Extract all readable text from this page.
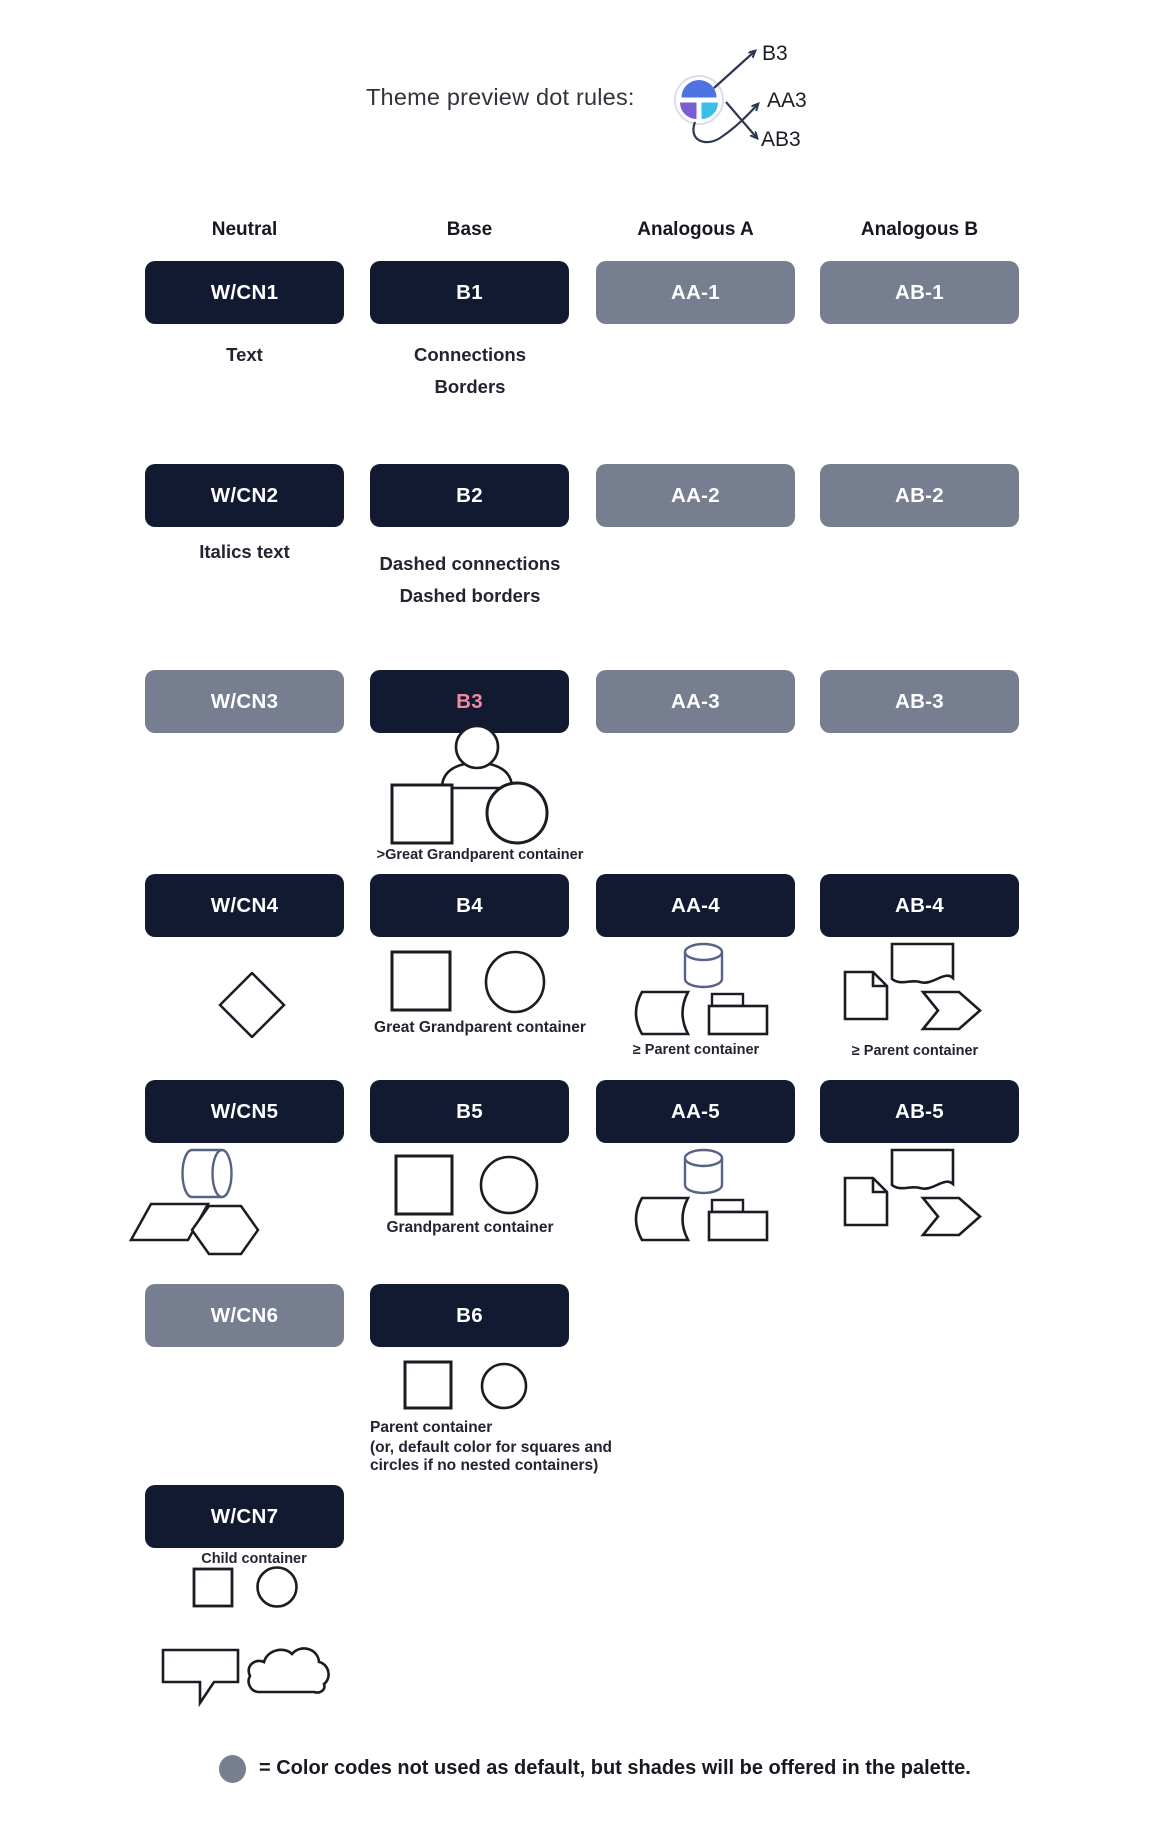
Theme preview dot rules:
B3
AA3
AB3
Neutral	Base	Analogous A	Analogous B
W/CN1	B1	AA-1	AB-1
Text	Connections
Borders
W/CN2	B2	AA-2	AB-2
Italics text
Dashed connections
Dashed borders
W/CN3	B3	AA-3	AB-3
>Great Grandparent container
W/CN4	B4	AA-4	AB-4
Great Grandparent container
≥ Parent container	≥ Parent container
W/CN5	B5	AA-5	AB-5
Grandparent container
W/CN6	B6
Parent container
(or, default color for squares and
circles if no nested containers)
W/CN7
Child container
= Color codes not used as default, but shades will be offered in the palette.
